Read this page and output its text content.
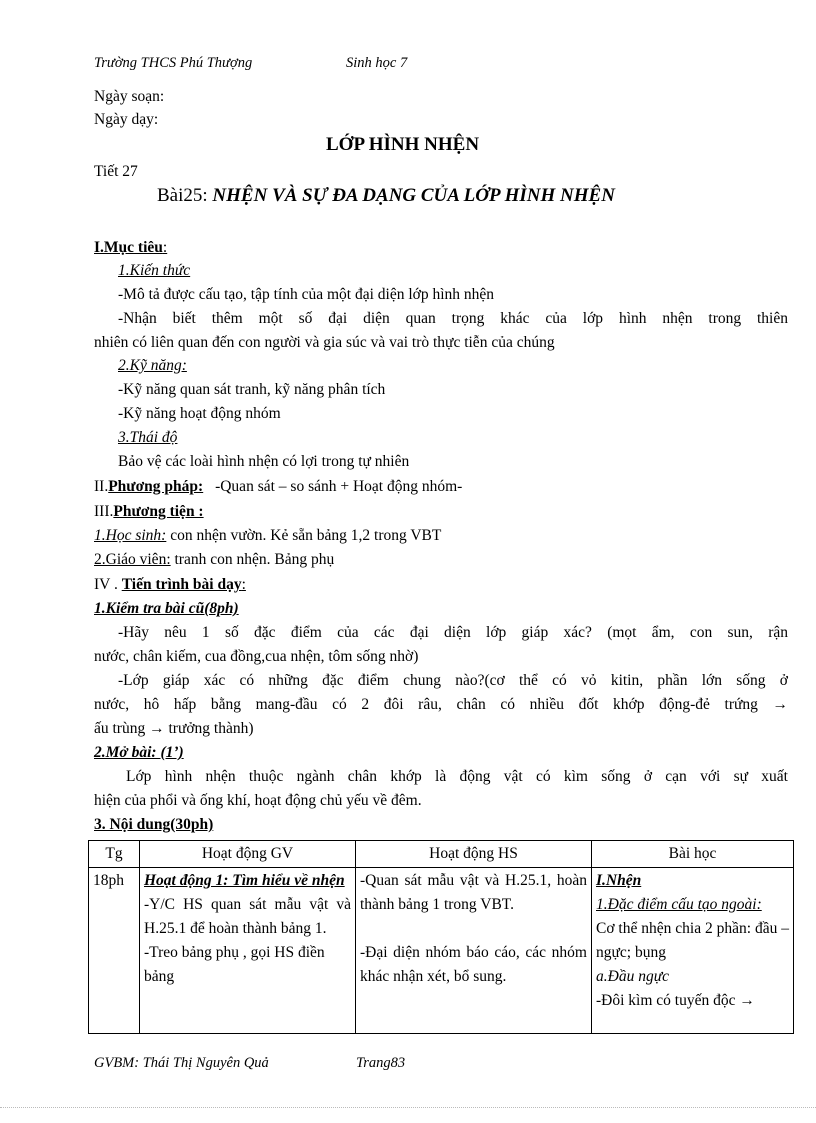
Trường THCS Phú Thượng	Sinh học 7
Ngày soạn:
Ngày dạy:
LỚP HÌNH NHỆN
Tiết 27
Bài25: NHỆN VÀ SỰ ĐA DẠNG CỦA LỚP HÌNH NHỆN
I.Mục tiêu:
1.Kiến thức
-Mô tả được cấu tạo, tập tính của một đại diện lớp hình nhện
-Nhận biết thêm một số đại diện quan trọng khác của lớp hình nhện trong thiên
nhiên có liên quan đến con người và gia súc và vai trò thực tiễn của chúng
2.Kỹ năng:
-Kỹ năng quan sát tranh, kỹ năng phân tích
-Kỹ năng hoạt động nhóm
3.Thái độ
Bảo vệ các loài hình nhện có lợi trong tự nhiên
II.Phương pháp: -Quan sát – so sánh + Hoạt động nhóm-
III.Phương tiện :
1.Học sinh: con nhện vườn. Kẻ sẵn bảng 1,2 trong VBT
2.Giáo viên: tranh con nhện. Bảng phụ
IV . Tiến trình bài dạy:
1.Kiểm tra bài cũ(8ph)
-Hãy nêu 1 số đặc điểm của các đại diện lớp giáp xác? (mọt ẩm, con sun, rận
nước, chân kiếm, cua đồng,cua nhện, tôm sống nhờ)
-Lớp giáp xác có những đặc điểm chung nào?(cơ thể có vỏ kitin, phần lớn sống ở
nước, hô hấp bằng mang-đầu có 2 đôi râu, chân có nhiều đốt khớp động-đẻ trứng →
ấu trùng → trưởng thành)
2.Mở bài: (1’)
Lớp hình nhện thuộc ngành chân khớp là động vật có kìm sống ở cạn với sự xuất
hiện của phổi và ống khí, hoạt động chủ yếu về đêm.
3. Nội dung(30ph)
Tg	Hoạt động GV	Hoạt động HS	Bài học
18ph	Hoạt động 1: Tìm hiểu về nhện
-Y/C HS quan sát mẫu vật và H.25.1 để hoàn thành bảng 1.
-Treo bảng phụ , gọi HS điền bảng	-Quan sát mẫu vật và H.25.1, hoàn thành bảng 1 trong VBT.
-Đại diện nhóm báo cáo, các nhóm khác nhận xét, bổ sung.	I.Nhện
1.Đặc điểm cấu tạo ngoài:
Cơ thể nhện chia 2 phần: đầu –ngực; bụng
a.Đầu ngực
-Đôi kìm có tuyến độc →
GVBM: Thái Thị Nguyên Quả	Trang83
